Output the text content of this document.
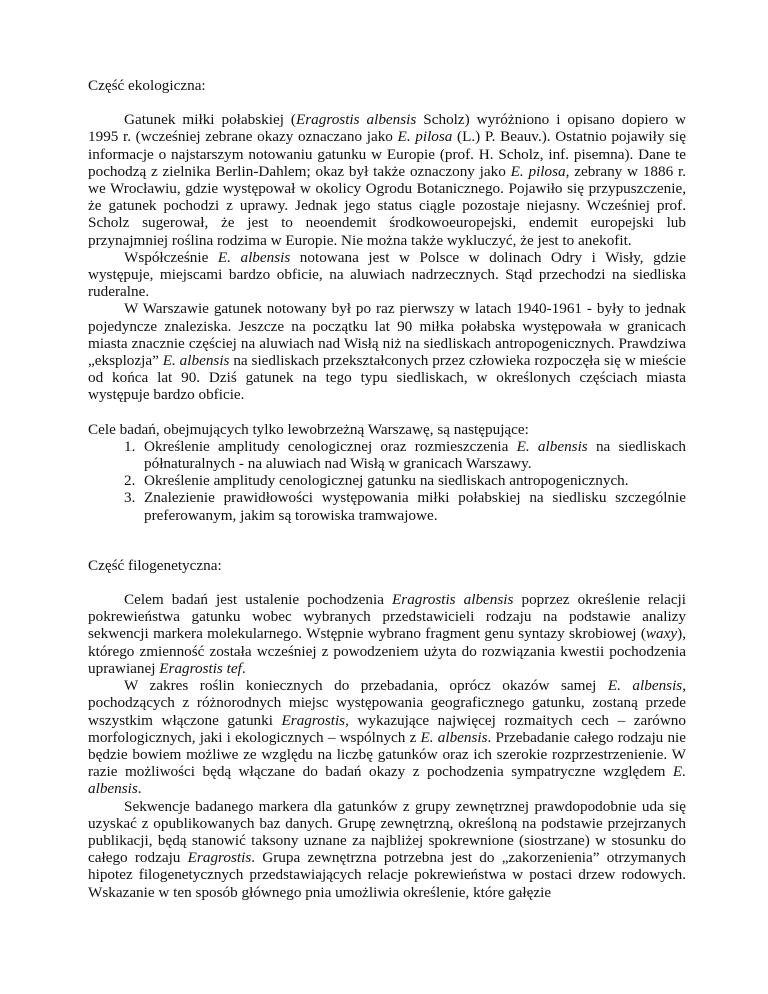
Część ekologiczna:

Gatunek miłki połabskiej (Eragrostis albensis Scholz) wyróżniono i opisano dopiero w 1995 r. (wcześniej zebrane okazy oznaczano jako E. pilosa (L.) P. Beauv.). Ostatnio pojawiły się informacje o najstarszym notowaniu gatunku w Europie (prof. H. Scholz, inf. pisemna). Dane te pochodzą z zielnika Berlin-Dahlem; okaz był także oznaczony jako E. pilosa, zebrany w 1886 r. we Wrocławiu, gdzie występował w okolicy Ogrodu Botanicznego. Pojawiło się przypuszczenie, że gatunek pochodzi z uprawy. Jednak jego status ciągle pozostaje niejasny. Wcześniej prof. Scholz sugerował, że jest to neoendemit środkowoeuropejski, endemit europejski lub przynajmniej roślina rodzima w Europie. Nie można także wykluczyć, że jest to anekofit.

Współcześnie E. albensis notowana jest w Polsce w dolinach Odry i Wisły, gdzie występuje, miejscami bardzo obficie, na aluwiach nadrzecznych. Stąd przechodzi na siedliska ruderalne.

W Warszawie gatunek notowany był po raz pierwszy w latach 1940-1961 - były to jednak pojedyncze znaleziska. Jeszcze na początku lat 90 miłka połabska występowała w granicach miasta znacznie częściej na aluwiach nad Wisłą niż na siedliskach antropogenicznych. Prawdziwa „eksplozja” E. albensis na siedliskach przekształconych przez człowieka rozpoczęła się w mieście od końca lat 90. Dziś gatunek na tego typu siedliskach, w określonych częściach miasta występuje bardzo obficie.

Cele badań, obejmujących tylko lewobrzeżną Warszawę, są następujące:

1. Określenie amplitudy cenologicznej oraz rozmieszczenia E. albensis na siedliskach półnaturalnych - na aluwiach nad Wisłą w granicach Warszawy.
2. Określenie amplitudy cenologicznej gatunku na siedliskach antropogenicznych.
3. Znalezienie prawidłowości występowania miłki połabskiej na siedlisku szczególnie preferowanym, jakim są torowiska tramwajowe.
Część filogenetyczna:

Celem badań jest ustalenie pochodzenia Eragrostis albensis poprzez określenie relacji pokrewieństwa gatunku wobec wybranych przedstawicieli rodzaju na podstawie analizy sekwencji markera molekularnego. Wstępnie wybrano fragment genu syntazy skrobiowej (waxy), którego zmienność została wcześniej z powodzeniem użyta do rozwiązania kwestii pochodzenia uprawianej Eragrostis tef.

W zakres roślin koniecznych do przebadania, oprócz okazów samej E. albensis, pochodzących z różnorodnych miejsc występowania geograficznego gatunku, zostaną przede wszystkim włączone gatunki Eragrostis, wykazujące najwięcej rozmaitych cech – zarówno morfologicznych, jaki i ekologicznych – wspólnych z E. albensis. Przebadanie całego rodzaju nie będzie bowiem możliwe ze względu na liczbę gatunków oraz ich szerokie rozprzestrzenienie. W razie możliwości będą włączane do badań okazy z pochodzenia sympatryczne względem E. albensis.

Sekwencje badanego markera dla gatunków z grupy zewnętrznej prawdopodobnie uda się uzyskać z opublikowanych baz danych. Grupę zewnętrzną, określoną na podstawie przejrzanych publikacji, będą stanowić taksony uznane za najbliżej spokrewnione (siostrzane) w stosunku do całego rodzaju Eragrostis. Grupa zewnętrzna potrzebna jest do „zakorzenienia” otrzymanych hipotez filogenetycznych przedstawiających relacje pokrewieństwa w postaci drzew rodowych. Wskazanie w ten sposób głównego pnia umożliwia określenie, które gałęzie
